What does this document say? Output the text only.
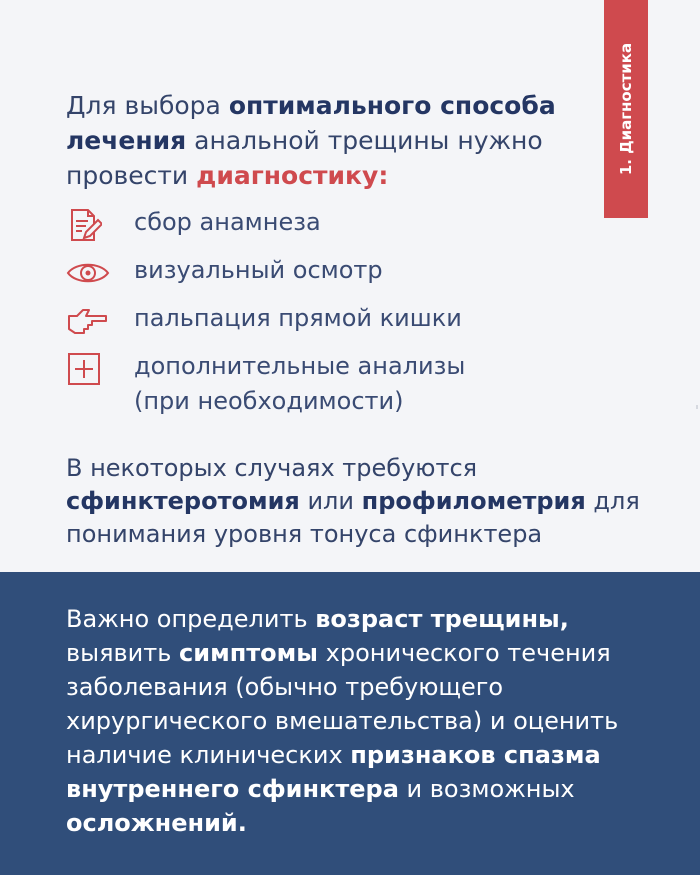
1. Диагностика
Для выбора оптимального способа лечения анальной трещины нужно провести диагностику:
сбор анамнеза
визуальный осмотр
пальпация прямой кишки
дополнительные анализы
(при необходимости)
В некоторых случаях требуются
сфинктеротомия или профилометрия для понимания уровня тонуса сфинктера
Важно определить возраст трещины, выявить симптомы хронического течения заболевания (обычно требующего хирургического вмешательства) и оценить наличие клинических признаков спазма внутреннего сфинктера и возможных осложнений.
